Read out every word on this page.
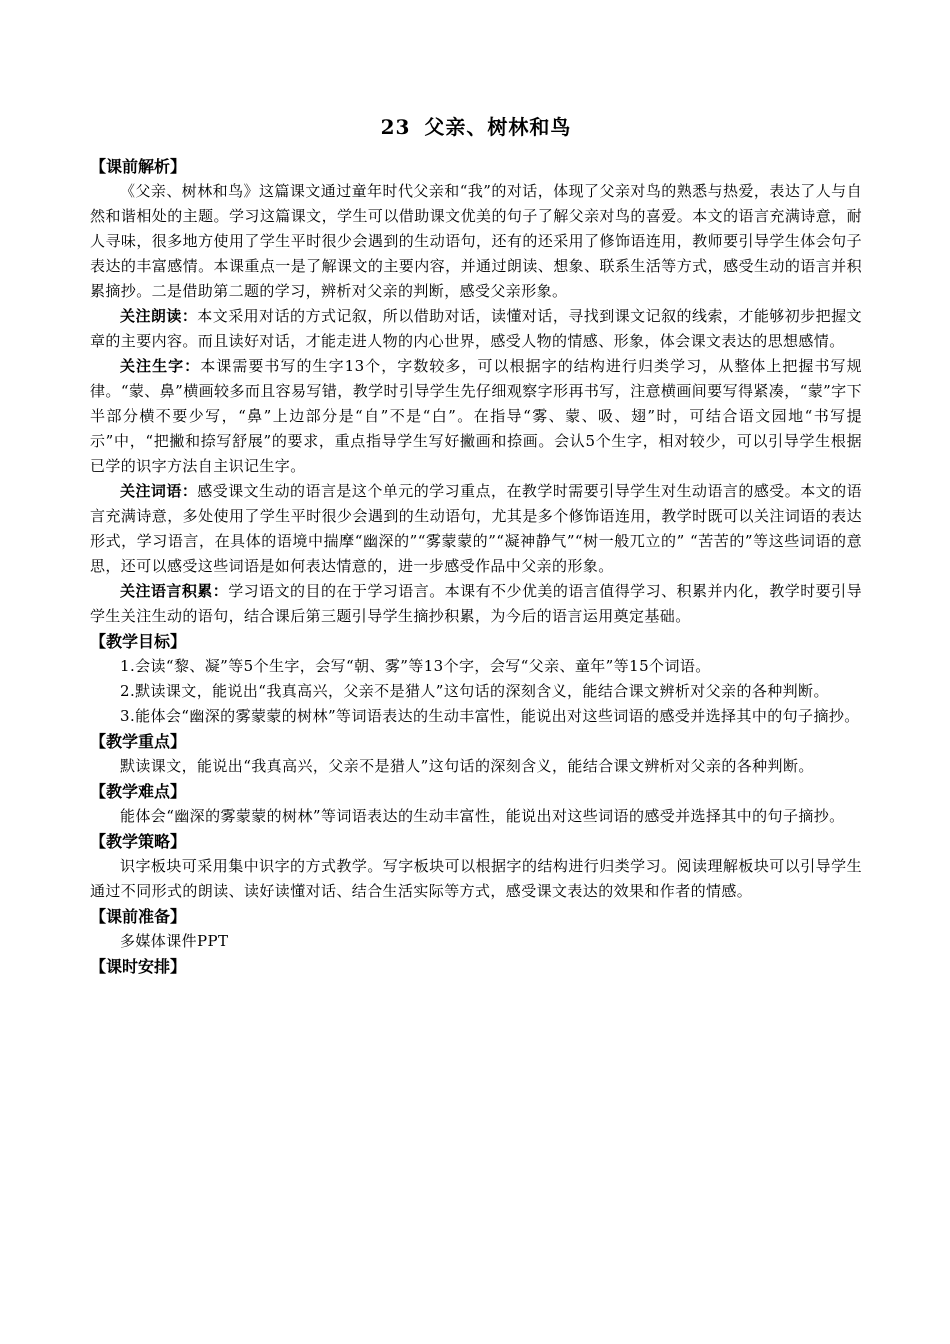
23 父亲、树林和鸟

【课前解析】

《父亲、树林和鸟》这篇课文通过童年时代父亲和“我”的对话，体现了父亲对鸟的熟悉与热爱，表达了人与自然和谐相处的主题。学习这篇课文，学生可以借助课文优美的句子了解父亲对鸟的喜爱。本文的语言充满诗意，耐人寻味，很多地方使用了学生平时很少会遇到的生动语句，还有的还采用了修饰语连用，教师要引导学生体会句子表达的丰富感情。本课重点一是了解课文的主要内容，并通过朗读、想象、联系生活等方式，感受生动的语言并积累摘抄。二是借助第二题的学习，辨析对父亲的判断，感受父亲形象。

关注朗读：本文采用对话的方式记叙，所以借助对话，读懂对话，寻找到课文记叙的线索，才能够初步把握文章的主要内容。而且读好对话，才能走进人物的内心世界，感受人物的情感、形象，体会课文表达的思想感情。

关注生字：本课需要书写的生字13个，字数较多，可以根据字的结构进行归类学习，从整体上把握书写规律。“蒙、鼻”横画较多而且容易写错，教学时引导学生先仔细观察字形再书写，注意横画间要写得紧凑，“蒙”字下半部分横不要少写，“鼻”上边部分是“自”不是“白”。在指导“雾、蒙、吸、翅”时，可结合语文园地“书写提示”中，“把撇和捺写舒展”的要求，重点指导学生写好撇画和捺画。会认5个生字，相对较少，可以引导学生根据已学的识字方法自主识记生字。

关注词语：感受课文生动的语言是这个单元的学习重点，在教学时需要引导学生对生动语言的感受。本文的语言充满诗意，多处使用了学生平时很少会遇到的生动语句，尤其是多个修饰语连用，教学时既可以关注词语的表达形式，学习语言，在具体的语境中揣摩“幽深的”“雾蒙蒙的”“凝神静气”“树一般兀立的” “苦苦的”等这些词语的意思，还可以感受这些词语是如何表达情意的，进一步感受作品中父亲的形象。

关注语言积累：学习语文的目的在于学习语言。本课有不少优美的语言值得学习、积累并内化，教学时要引导学生关注生动的语句，结合课后第三题引导学生摘抄积累，为今后的语言运用奠定基础。

【教学目标】

1.会读“黎、凝”等5个生字，会写“朝、雾”等13个字，会写“父亲、童年”等15个词语。

2.默读课文，能说出“我真高兴，父亲不是猎人”这句话的深刻含义，能结合课文辨析对父亲的各种判断。

3.能体会“幽深的雾蒙蒙的树林”等词语表达的生动丰富性，能说出对这些词语的感受并选择其中的句子摘抄。

【教学重点】

默读课文，能说出“我真高兴，父亲不是猎人”这句话的深刻含义，能结合课文辨析对父亲的各种判断。

【教学难点】

能体会“幽深的雾蒙蒙的树林”等词语表达的生动丰富性，能说出对这些词语的感受并选择其中的句子摘抄。

【教学策略】

识字板块可采用集中识字的方式教学。写字板块可以根据字的结构进行归类学习。阅读理解板块可以引导学生通过不同形式的朗读、读好读懂对话、结合生活实际等方式，感受课文表达的效果和作者的情感。

【课前准备】

多媒体课件PPT

【课时安排】
